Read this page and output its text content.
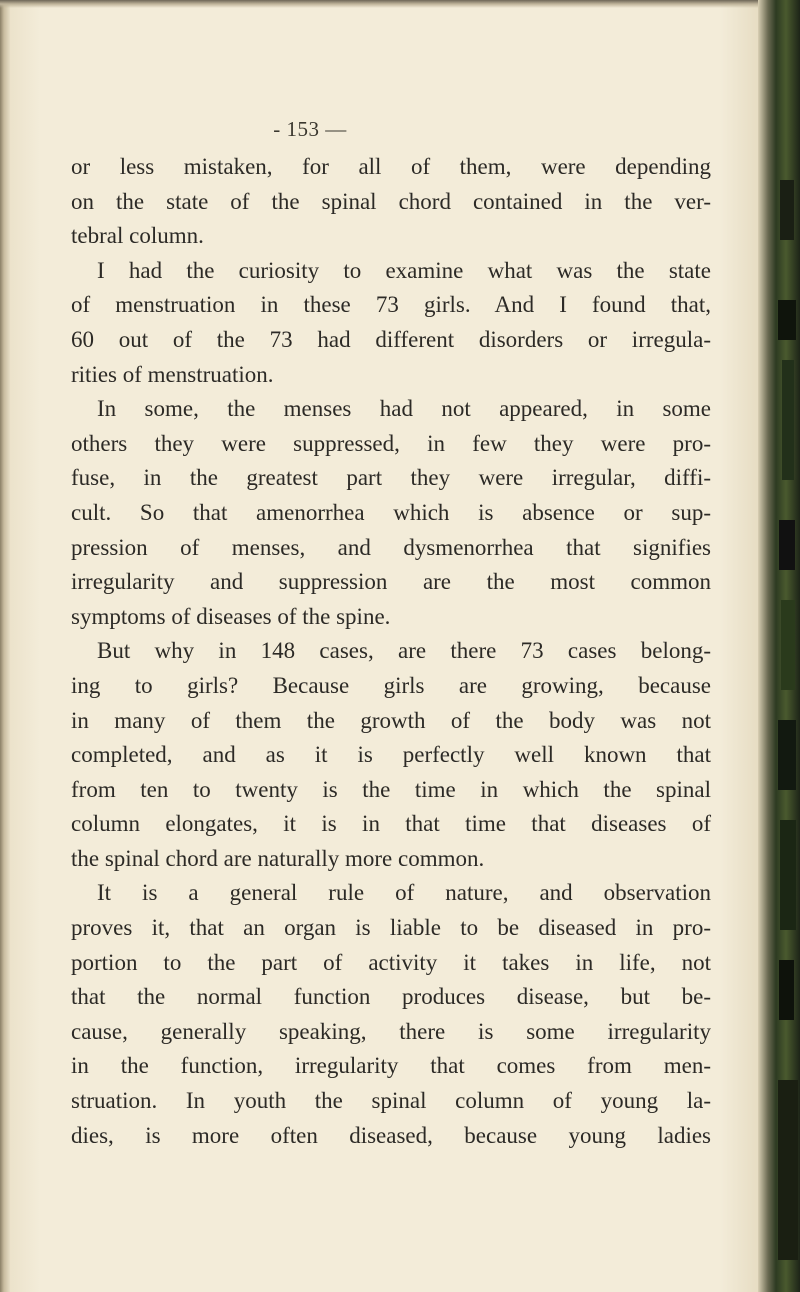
- 153 —
or less mistaken, for all of them, were depending
on the state of the spinal chord contained in the ver-
tebral column.
I had the curiosity to examine what was the state
of menstruation in these 73 girls. And I found that,
60 out of the 73 had different disorders or irregula-
rities of menstruation.
In some, the menses had not appeared, in some
others they were suppressed, in few they were pro-
fuse, in the greatest part they were irregular, diffi-
cult. So that amenorrhea which is absence or sup-
pression of menses, and dysmenorrhea that signifies
irregularity and suppression are the most common
symptoms of diseases of the spine.
But why in 148 cases, are there 73 cases belong-
ing to girls? Because girls are growing, because
in many of them the growth of the body was not
completed, and as it is perfectly well known that
from ten to twenty is the time in which the spinal
column elongates, it is in that time that diseases of
the spinal chord are naturally more common.
It is a general rule of nature, and observation
proves it, that an organ is liable to be diseased in pro-
portion to the part of activity it takes in life, not
that the normal function produces disease, but be-
cause, generally speaking, there is some irregularity
in the function, irregularity that comes from men-
struation. In youth the spinal column of young la-
dies, is more often diseased, because young ladies
